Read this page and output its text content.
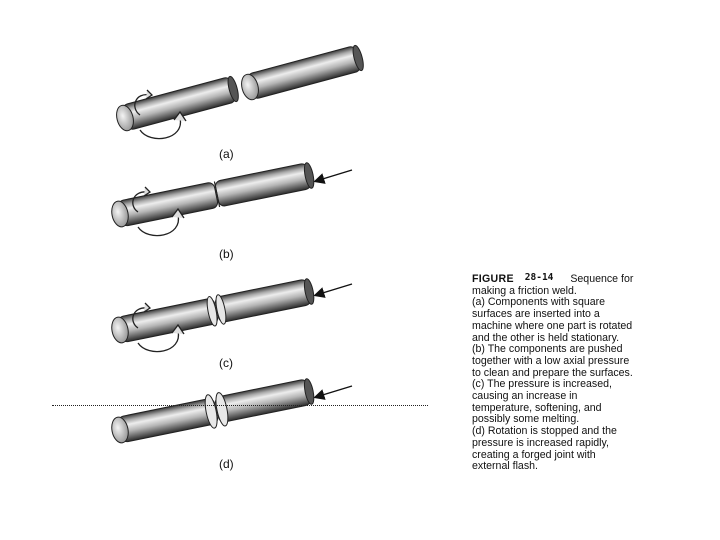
(a)
(b)
(c)
(d)
FIGURE 28-14 Sequence for
making a friction weld.
(a) Components with square
surfaces are inserted into a
machine where one part is rotated
and the other is held stationary.
(b) The components are pushed
together with a low axial pressure
to clean and prepare the surfaces.
(c) The pressure is increased,
causing an increase in
temperature, softening, and
possibly some melting.
(d) Rotation is stopped and the
pressure is increased rapidly,
creating a forged joint with
external flash.
